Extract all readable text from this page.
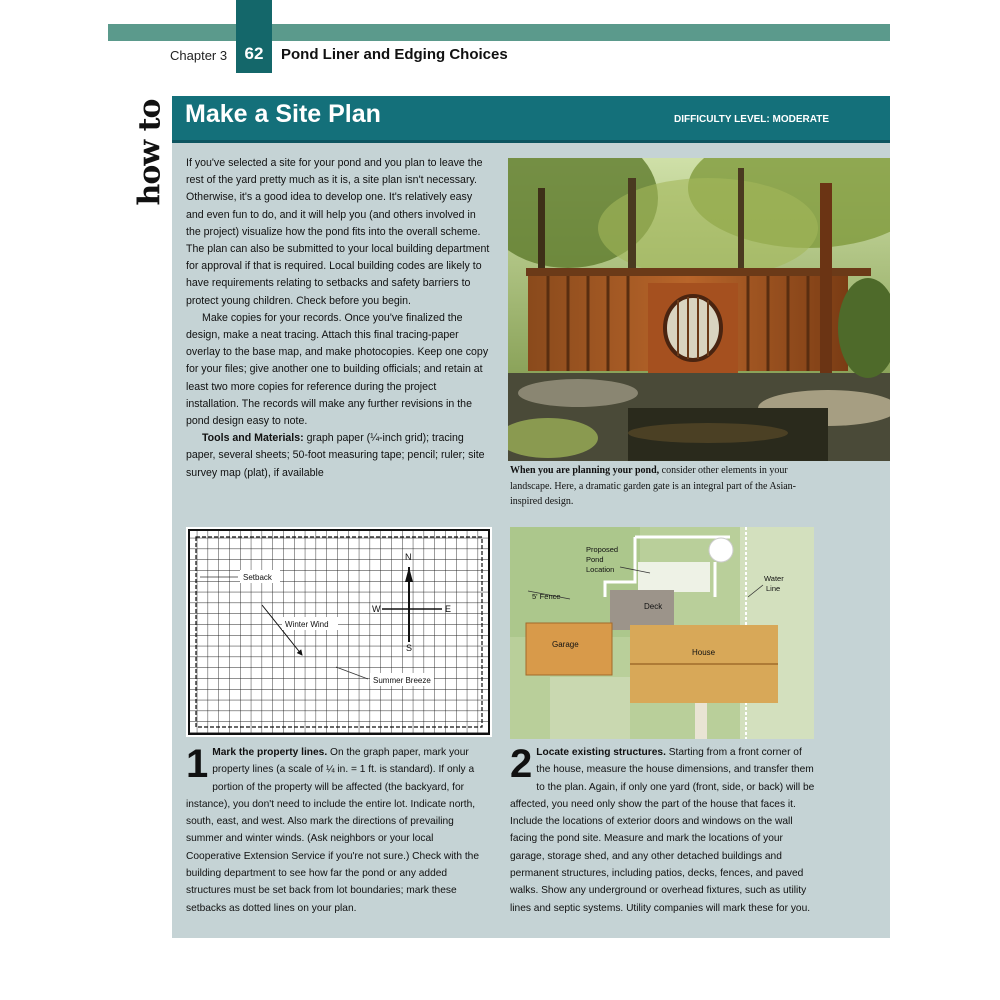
62
Chapter 3	Pond Liner and Edging Choices
how to Make a Site Plan	DIFFICULTY LEVEL: MODERATE

If you've selected a site for your pond and you plan to leave the rest of the yard pretty much as it is, a site plan isn't necessary. Otherwise, it's a good idea to develop one. It's relatively easy and even fun to do, and it will help you (and others involved in the project) visualize how the pond fits into the overall scheme. The plan can also be submitted to your local building department for approval if that is required. Local building codes are likely to have requirements relating to setbacks and safety barriers to protect young children. Check before you begin.

Make copies for your records. Once you've finalized the design, make a neat tracing. Attach this final tracing-paper overlay to the base map, and make photocopies. Keep one copy for your files; give another one to building officials; and retain at least two more copies for reference during the project installation. The records will make any further revisions in the pond design easy to note.

Tools and Materials: graph paper (¼-inch grid); tracing paper, several sheets; 50-foot measuring tape; pencil; ruler; site survey map (plat), if available	When you are planning your pond, consider other elements in your landscape. Here, a dramatic garden gate is an integral part of the Asian-inspired design.
Setback
Winter Wind
N
S
E
W
Summer Breeze
5' Fence
Proposed
Pond
Location
Water
Line
Deck
Garage
House
1 Mark the property lines. On the graph paper, mark your property lines (a scale of ¼ in. = 1 ft. is standard). If only a portion of the property will be affected (the backyard, for instance), you don't need to include the entire lot. Indicate north, south, east, and west. Also mark the directions of prevailing summer and winter winds. (Ask neighbors or your local Cooperative Extension Service if you're not sure.) Check with the building department to see how far the pond or any added structures must be set back from lot boundaries; mark these setbacks as dotted lines on your plan.
2 Locate existing structures. Starting from a front corner of the house, measure the house dimensions, and transfer them to the plan. Again, if only one yard (front, side, or back) will be affected, you need only show the part of the house that faces it. Include the locations of exterior doors and windows on the wall facing the pond site. Measure and mark the locations of your garage, storage shed, and any other detached buildings and permanent structures, including patios, decks, fences, and paved walks. Show any underground or overhead fixtures, such as utility lines and septic systems. Utility companies will mark these for you.
